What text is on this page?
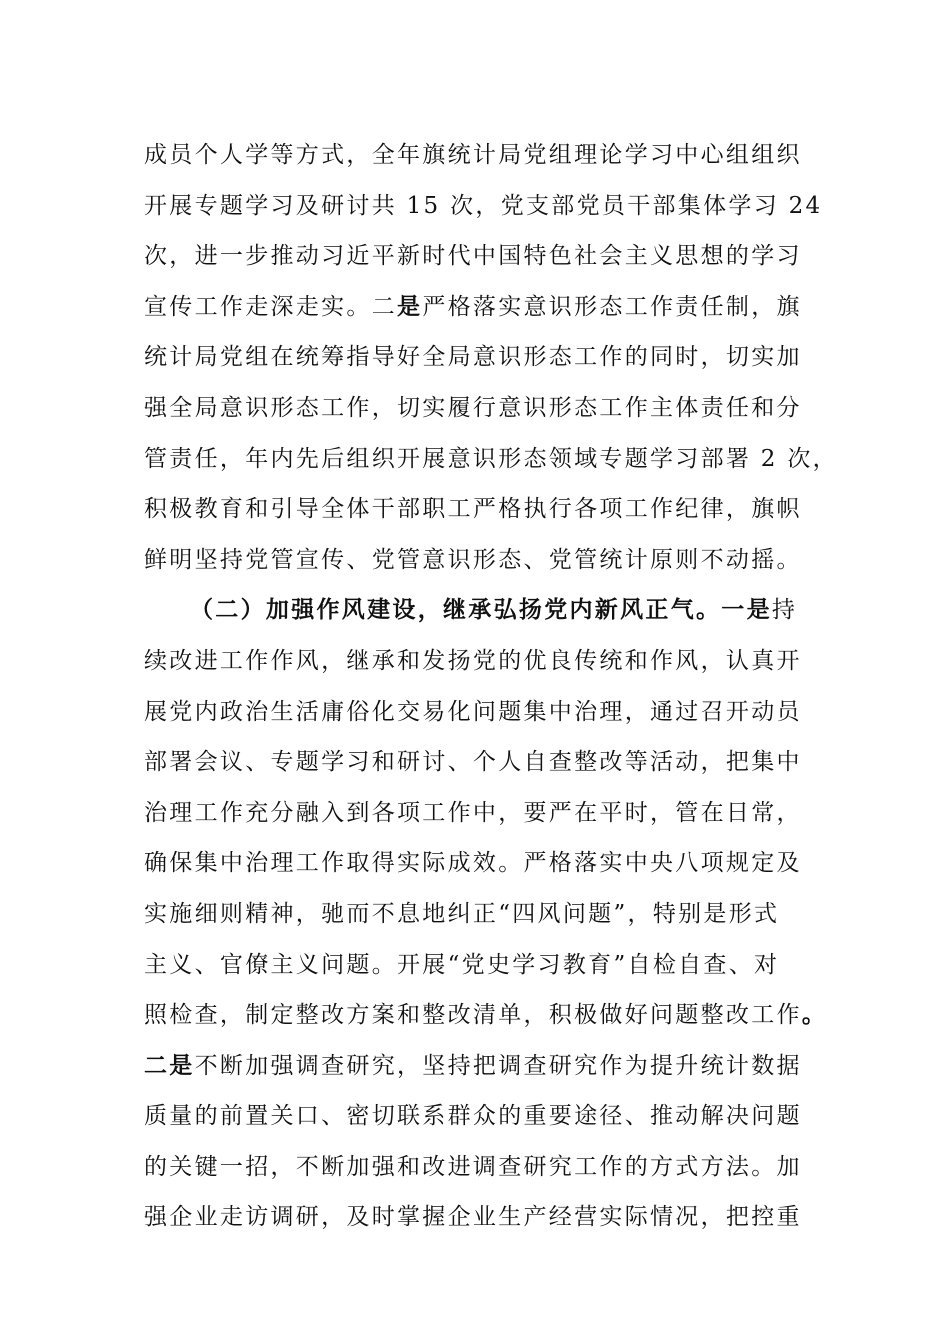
成员个人学等方式，全年旗统计局党组理论学习中心组组织
开展专题学习及研讨共 15 次，党支部党员干部集体学习 24
次，进一步推动习近平新时代中国特色社会主义思想的学习
宣传工作走深走实。二是严格落实意识形态工作责任制，旗
统计局党组在统筹指导好全局意识形态工作的同时，切实加
强全局意识形态工作，切实履行意识形态工作主体责任和分
管责任，年内先后组织开展意识形态领域专题学习部署 2 次，
积极教育和引导全体干部职工严格执行各项工作纪律，旗帜
鲜明坚持党管宣传、党管意识形态、党管统计原则不动摇。
（二）加强作风建设，继承弘扬党内新风正气。一是持
续改进工作作风，继承和发扬党的优良传统和作风，认真开
展党内政治生活庸俗化交易化问题集中治理，通过召开动员
部署会议、专题学习和研讨、个人自查整改等活动，把集中
治理工作充分融入到各项工作中，要严在平时，管在日常，
确保集中治理工作取得实际成效。严格落实中央八项规定及
实施细则精神，驰而不息地纠正“四风问题”，特别是形式
主义、官僚主义问题。开展“党史学习教育”自检自查、对
照检查，制定整改方案和整改清单，积极做好问题整改工作。
二是不断加强调查研究，坚持把调查研究作为提升统计数据
质量的前置关口、密切联系群众的重要途径、推动解决问题
的关键一招，不断加强和改进调查研究工作的方式方法。加
强企业走访调研，及时掌握企业生产经营实际情况，把控重
